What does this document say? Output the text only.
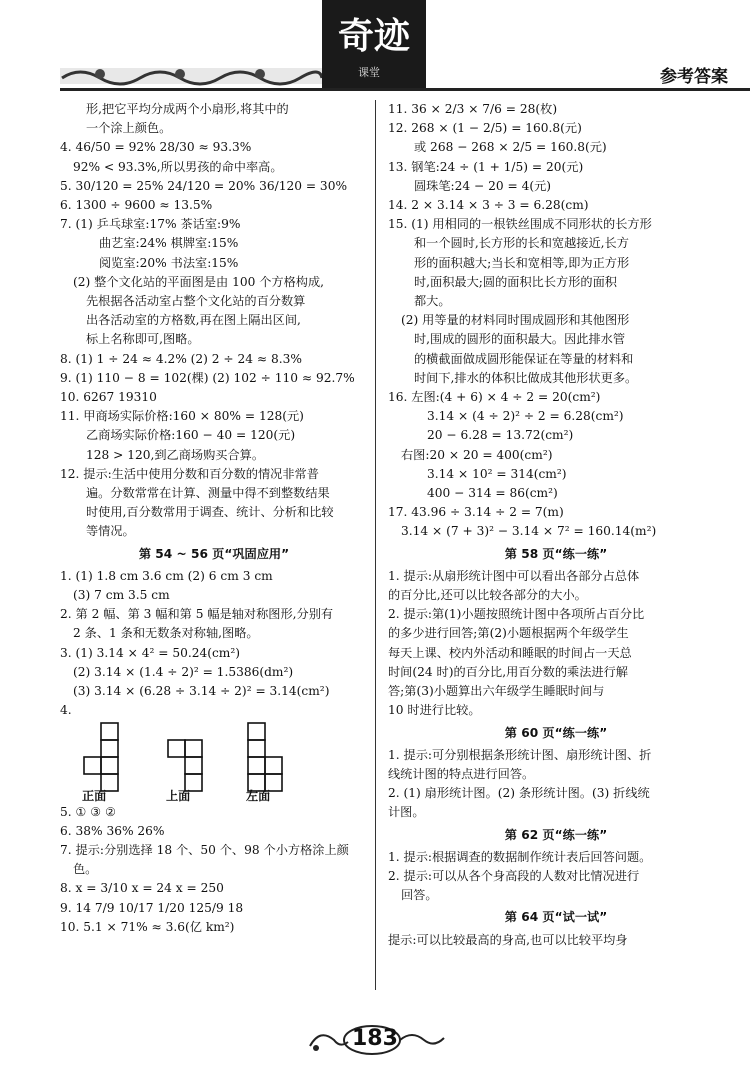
奇迹
课堂	参考答案
形,把它平均分成两个小扇形,将其中的
一个涂上颜色。
4. 46/50 = 92% 28/30 ≈ 93.3%
92% < 93.3%,所以男孩的命中率高。
5. 30/120 = 25% 24/120 = 20% 36/120 = 30%
6. 1300 ÷ 9600 ≈ 13.5%
7. (1) 乒乓球室:17% 茶话室:9%
曲艺室:24% 棋牌室:15%
阅览室:20% 书法室:15%
(2) 整个文化站的平面图是由 100 个方格构成,
先根据各活动室占整个文化站的百分数算
出各活动室的方格数,再在图上隔出区间,
标上名称即可,图略。
8. (1) 1 ÷ 24 ≈ 4.2% (2) 2 ÷ 24 ≈ 8.3%
9. (1) 110 − 8 = 102(棵) (2) 102 ÷ 110 ≈ 92.7%
10. 6267 19310
11. 甲商场实际价格:160 × 80% = 128(元)
乙商场实际价格:160 − 40 = 120(元)
128 > 120,到乙商场购买合算。
12. 提示:生活中使用分数和百分数的情况非常普
遍。分数常常在计算、测量中得不到整数结果
时使用,百分数常用于调查、统计、分析和比较
等情况。
第 54 ~ 56 页“巩固应用”
1. (1) 1.8 cm 3.6 cm (2) 6 cm 3 cm
(3) 7 cm 3.5 cm
2. 第 2 幅、第 3 幅和第 5 幅是轴对称图形,分别有
2 条、1 条和无数条对称轴,图略。
3. (1) 3.14 × 4² = 50.24(cm²)
(2) 3.14 × (1.4 ÷ 2)² = 1.5386(dm²)
(3) 3.14 × (6.28 ÷ 3.14 ÷ 2)² = 3.14(cm²)
4.
正面	上面	左面
5. ① ③ ②
6. 38% 36% 26%
7. 提示:分别选择 18 个、50 个、98 个小方格涂上颜
色。
8. x = 3/10 x = 24 x = 250
9. 14 7/9 10/17 1/20 125/9 18
10. 5.1 × 71% ≈ 3.6(亿 km²)
11. 36 × 2/3 × 7/6 = 28(枚)
12. 268 × (1 − 2/5) = 160.8(元)
或 268 − 268 × 2/5 = 160.8(元)
13. 钢笔:24 ÷ (1 + 1/5) = 20(元)
圆珠笔:24 − 20 = 4(元)
14. 2 × 3.14 × 3 ÷ 3 = 6.28(cm)
15. (1) 用相同的一根铁丝围成不同形状的长方形
和一个圆时,长方形的长和宽越接近,长方
形的面积越大;当长和宽相等,即为正方形
时,面积最大;圆的面积比长方形的面积
都大。
(2) 用等量的材料同时围成圆形和其他图形
时,围成的圆形的面积最大。因此排水管
的横截面做成圆形能保证在等量的材料和
时间下,排水的体积比做成其他形状更多。
16. 左图:(4 + 6) × 4 ÷ 2 = 20(cm²)
3.14 × (4 ÷ 2)² ÷ 2 = 6.28(cm²)
20 − 6.28 = 13.72(cm²)
右图:20 × 20 = 400(cm²)
3.14 × 10² = 314(cm²)
400 − 314 = 86(cm²)
17. 43.96 ÷ 3.14 ÷ 2 = 7(m)
3.14 × (7 + 3)² − 3.14 × 7² = 160.14(m²)
第 58 页“练一练”
1. 提示:从扇形统计图中可以看出各部分占总体
的百分比,还可以比较各部分的大小。
2. 提示:第(1)小题按照统计图中各项所占百分比
的多少进行回答;第(2)小题根据两个年级学生
每天上课、校内外活动和睡眠的时间占一天总
时间(24 时)的百分比,用百分数的乘法进行解
答;第(3)小题算出六年级学生睡眠时间与
10 时进行比较。
第 60 页“练一练”
1. 提示:可分别根据条形统计图、扇形统计图、折
线统计图的特点进行回答。
2. (1) 扇形统计图。(2) 条形统计图。(3) 折线统
计图。
第 62 页“练一练”
1. 提示:根据调查的数据制作统计表后回答问题。
2. 提示:可以从各个身高段的人数对比情况进行
回答。
第 64 页“试一试”
提示:可以比较最高的身高,也可以比较平均身
183
